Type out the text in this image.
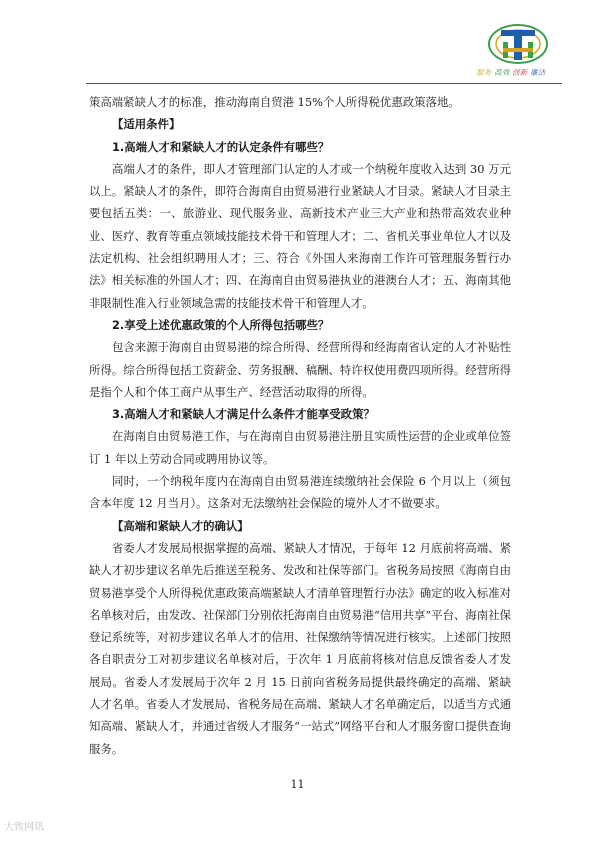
服务 高效 创新 廉洁

策高端紧缺人才的标准，推动海南自贸港 15%个人所得税优惠政策落地。

【适用条件】

1.高端人才和紧缺人才的认定条件有哪些？

高端人才的条件，即人才管理部门认定的人才或一个纳税年度收入达到 30 万元以上。紧缺人才的条件，即符合海南自由贸易港行业紧缺人才目录。紧缺人才目录主要包括五类：一、旅游业、现代服务业、高新技术产业三大产业和热带高效农业种业、医疗、教育等重点领域技能技术骨干和管理人才；二、省机关事业单位人才以及法定机构、社会组织聘用人才；三、符合《外国人来海南工作许可管理服务暂行办法》相关标准的外国人才；四、在海南自由贸易港执业的港澳台人才；五、海南其他非限制性准入行业领域急需的技能技术骨干和管理人才。

2.享受上述优惠政策的个人所得包括哪些？

包含来源于海南自由贸易港的综合所得、经营所得和经海南省认定的人才补贴性所得。综合所得包括工资薪金、劳务报酬、稿酬、特许权使用费四项所得。经营所得是指个人和个体工商户从事生产、经营活动取得的所得。

3.高端人才和紧缺人才满足什么条件才能享受政策？

在海南自由贸易港工作，与在海南自由贸易港注册且实质性运营的企业或单位签订 1 年以上劳动合同或聘用协议等。

同时，一个纳税年度内在海南自由贸易港连续缴纳社会保险 6 个月以上（须包含本年度 12 月当月）。这条对无法缴纳社会保险的境外人才不做要求。

【高端和紧缺人才的确认】

省委人才发展局根据掌握的高端、紧缺人才情况，于每年 12 月底前将高端、紧缺人才初步建议名单先后推送至税务、发改和社保等部门。省税务局按照《海南自由贸易港享受个人所得税优惠政策高端紧缺人才清单管理暂行办法》确定的收入标准对名单核对后，由发改、社保部门分别依托海南自由贸易港“信用共享”平台、海南社保登记系统等，对初步建议名单人才的信用、社保缴纳等情况进行核实。上述部门按照各自职责分工对初步建议名单核对后，于次年 1 月底前将核对信息反馈省委人才发展局。省委人才发展局于次年 2 月 15 日前向省税务局提供最终确定的高端、紧缺人才名单。省委人才发展局、省税务局在高端、紧缺人才名单确定后，以适当方式通知高端、紧缺人才，并通过省级人才服务“一站式”网络平台和人才服务窗口提供查询服务。

11
大致网讯
